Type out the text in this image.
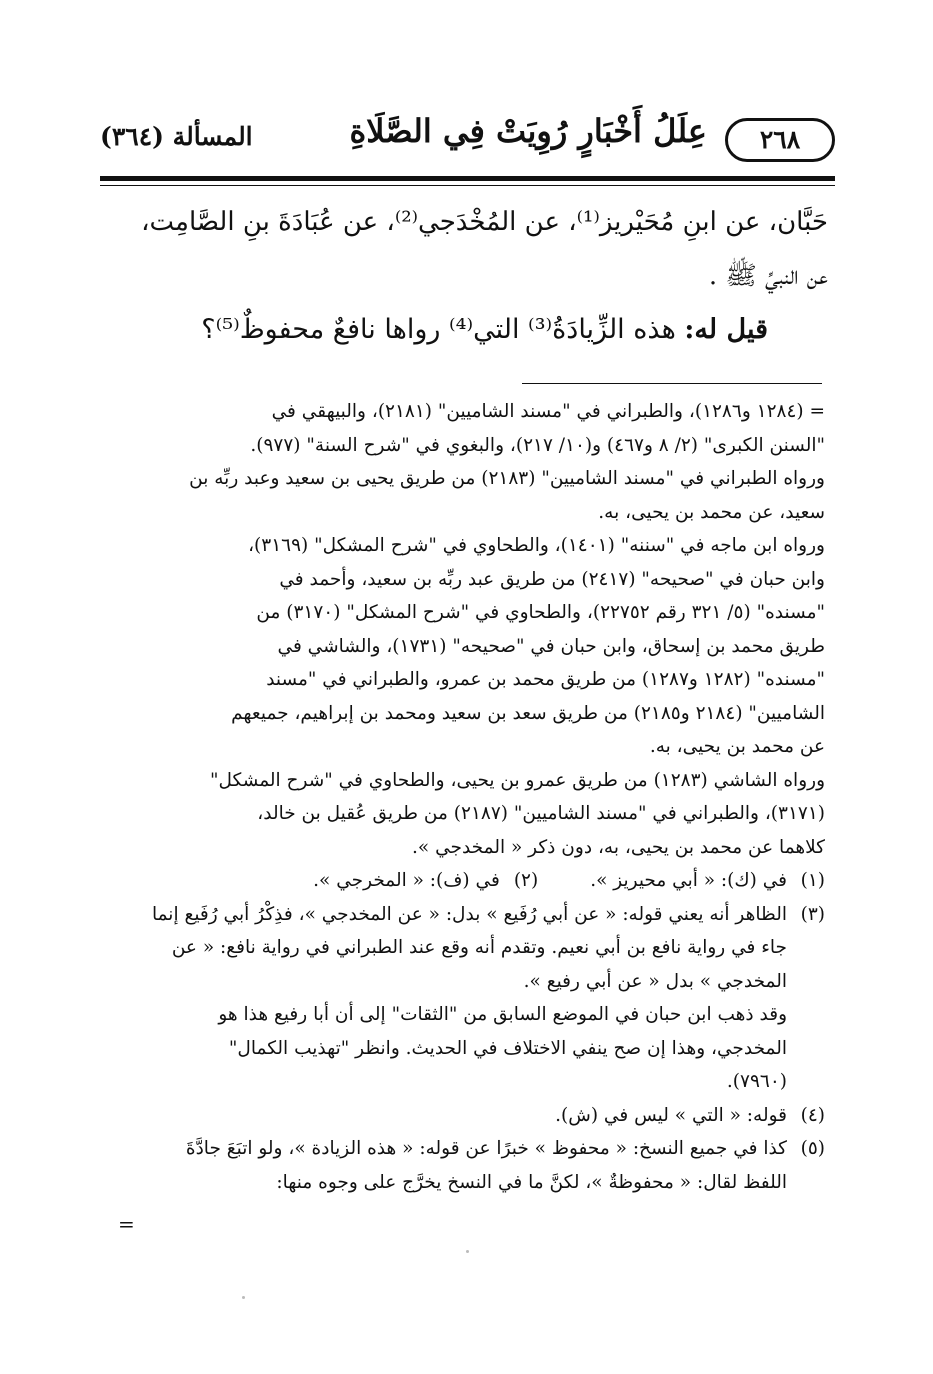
٢٦٨
عِلَلُ أَخْبَارٍ رُوِيَتْ فِي الصَّلَاةِ
المسألة (٣٦٤)
حَبَّان، عن ابنِ مُحَيْريز⁽¹⁾، عن المُخْدَجي⁽²⁾، عن عُبَادَةَ بنِ الصَّامِت،
عن النبيِّ ﷺ .
قيل له: هذه الزِّيادَةُ⁽³⁾ التي⁽⁴⁾ رواها نافعٌ محفوظٌ⁽⁵⁾؟
= (١٢٨٤ و١٢٨٦)، والطبراني في "مسند الشاميين" (٢١٨١)، والبيهقي في
"السنن الكبرى" (٢/ ٨ و٤٦٧) و(١٠/ ٢١٧)، والبغوي في "شرح السنة" (٩٧٧).
ورواه الطبراني في "مسند الشاميين" (٢١٨٣) من طريق يحيى بن سعيد وعبد ربِّه بن
سعيد، عن محمد بن يحيى، به.
ورواه ابن ماجه في "سننه" (١٤٠١)، والطحاوي في "شرح المشكل" (٣١٦٩)،
وابن حبان في "صحيحه" (٢٤١٧) من طريق عبد ربِّه بن سعيد، وأحمد في
"مسنده" (٥/ ٣٢١ رقم ٢٢٧٥٢)، والطحاوي في "شرح المشكل" (٣١٧٠) من
طريق محمد بن إسحاق، وابن حبان في "صحيحه" (١٧٣١)، والشاشي في
"مسنده" (١٢٨٢ و١٢٨٧) من طريق محمد بن عمرو، والطبراني في "مسند
الشاميين" (٢١٨٤ و٢١٨٥) من طريق سعد بن سعيد ومحمد بن إبراهيم، جميعهم
عن محمد بن يحيى، به.
ورواه الشاشي (١٢٨٣) من طريق عمرو بن يحيى، والطحاوي في "شرح المشكل"
(٣١٧١)، والطبراني في "مسند الشاميين" (٢١٨٧) من طريق عُقيل بن خالد،
كلاهما عن محمد بن يحيى، به، دون ذكر « المخدجي ».
(١)
في (ك): « أبي محيريز ».
(٢)
في (ف): « المخرجي ».
(٣)
الظاهر أنه يعني قوله: « عن أبي رُفَيع » بدل: « عن المخدجي »، فذِكْرُ أبي رُفَيع إنما
جاء في رواية نافع بن أبي نعيم. وتقدم أنه وقع عند الطبراني في رواية نافع: « عن
المخدجي » بدل « عن أبي رفيع ».
وقد ذهب ابن حبان في الموضع السابق من "الثقات" إلى أن أبا رفيع هذا هو
المخدجي، وهذا إن صح ينفي الاختلاف في الحديث. وانظر "تهذيب الكمال"
(٧٩٦٠).
(٤)
قوله: « التي » ليس في (ش).
(٥)
كذا في جميع النسخ: « محفوظ » خبرًا عن قوله: « هذه الزيادة »، ولو اتبَعَ جادَّةَ
اللفظ لقال: « محفوظةٌ »، لكنَّ ما في النسخ يخرَّج على وجوه منها:
=
